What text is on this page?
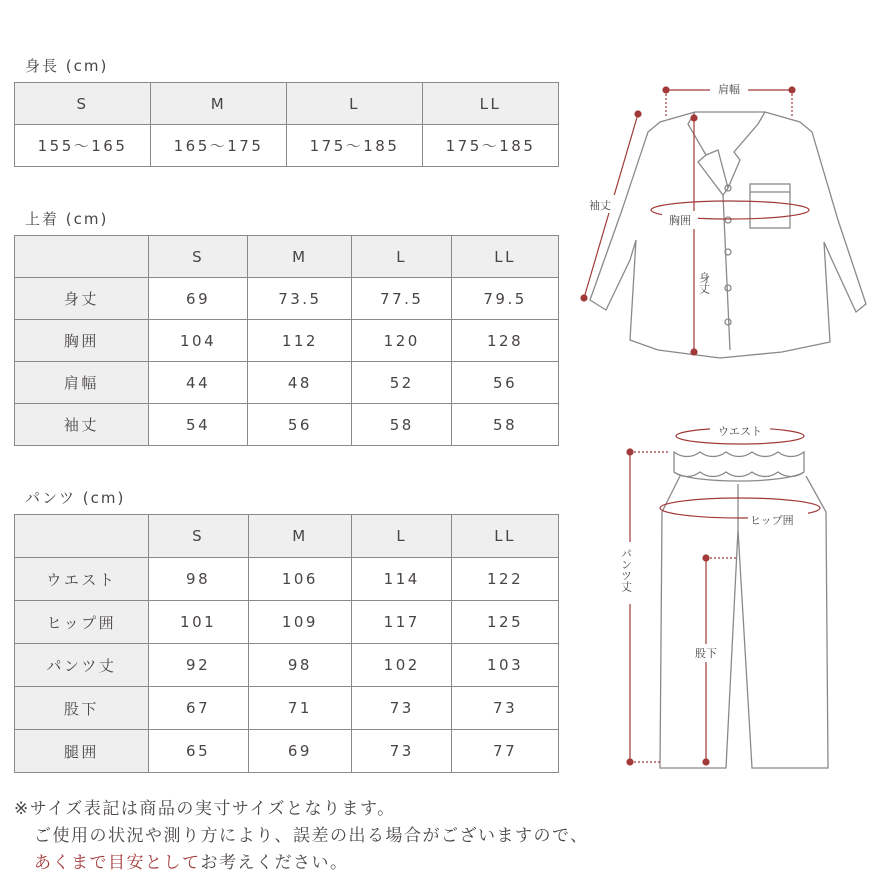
身長 (cm)
S	M	L	LL
155～165	165～175	175～185	175～185
上着 (cm)
	S	M	L	LL
身丈	69	73.5	77.5	79.5
胸囲	104	112	120	128
肩幅	44	48	52	56
袖丈	54	56	58	58
パンツ (cm)
	S	M	L	LL
ウエスト	98	106	114	122
ヒップ囲	101	109	117	125
パンツ丈	92	98	102	103
股下	67	71	73	73
腿囲	65	69	73	77
肩幅
袖丈
胸囲
身丈
ウエスト
ヒップ囲
パンツ丈
股下
※サイズ表記は商品の実寸サイズとなります。
ご使用の状況や測り方により、誤差の出る場合がございますので、
あくまで目安としてお考えください。
